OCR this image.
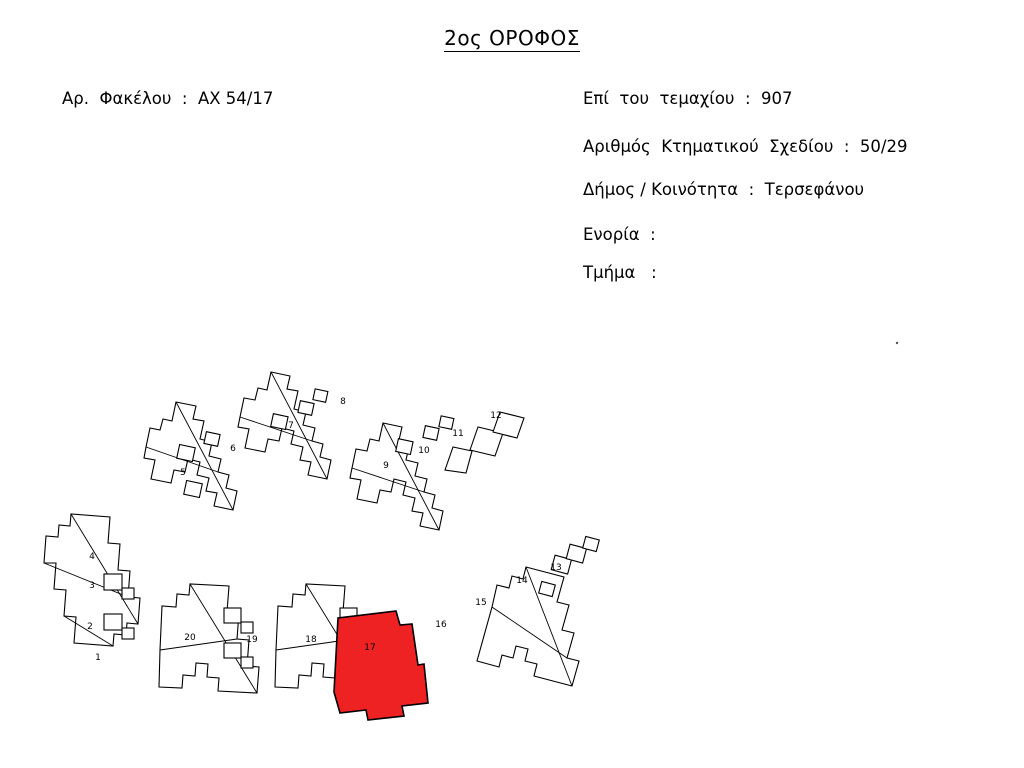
2ος ΟΡΟΦΟΣ
Αρ.  Φακέλου  :  ΑΧ 54/17	Επί  του  τεμαχίου  :  907
Αριθμός  Κτηματικού  Σχεδίου  :  50/29
Δήμος / Κοινότητα  :  Τερσεφάνου
Ενορία  :
Τμήμα   :
5
6
7
8
9
10
11
12
4
3
2
1
20	19	18
17
16
15
14
13
